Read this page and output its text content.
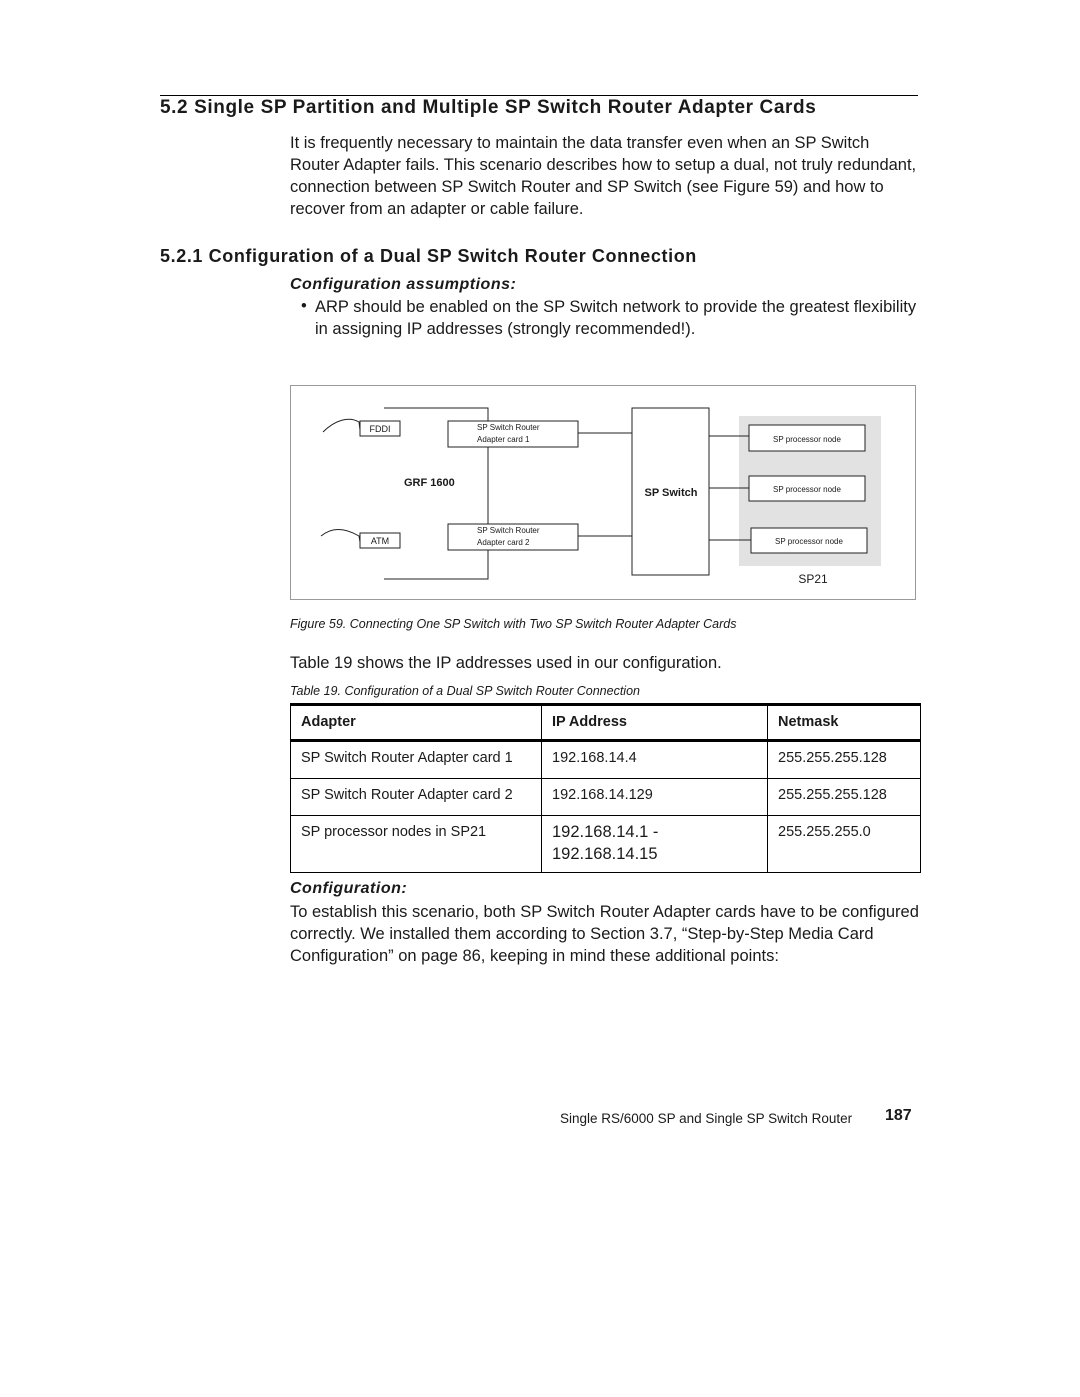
5.2 Single SP Partition and Multiple SP Switch Router Adapter Cards
It is frequently necessary to maintain the data transfer even when an SP Switch Router Adapter fails. This scenario describes how to setup a dual, not truly redundant, connection between SP Switch Router and SP Switch (see Figure 59) and how to recover from an adapter or cable failure.
5.2.1 Configuration of a Dual SP Switch Router Connection
Configuration assumptions:
• ARP should be enabled on the SP Switch network to provide the greatest flexibility in assigning IP addresses (strongly recommended!).
FDDI
ATM
GRF 1600
SP Switch Router
Adapter card 1
SP Switch Router
Adapter card 2
SP Switch
SP processor node
SP processor node
SP processor node
SP21
Figure 59. Connecting One SP Switch with Two SP Switch Router Adapter Cards
Table 19 shows the IP addresses used in our configuration.
Table 19. Configuration of a Dual SP Switch Router Connection
Adapter	IP Address	Netmask
SP Switch Router Adapter card 1	192.168.14.4	255.255.255.128
SP Switch Router Adapter card 2	192.168.14.129	255.255.255.128
SP processor nodes in SP21	192.168.14.1 -
192.168.14.15	255.255.255.0
Configuration:
To establish this scenario, both SP Switch Router Adapter cards have to be configured correctly. We installed them according to Section 3.7, “Step-by-Step Media Card Configuration” on page 86, keeping in mind these additional points:
Single RS/6000 SP and Single SP Switch Router 187
